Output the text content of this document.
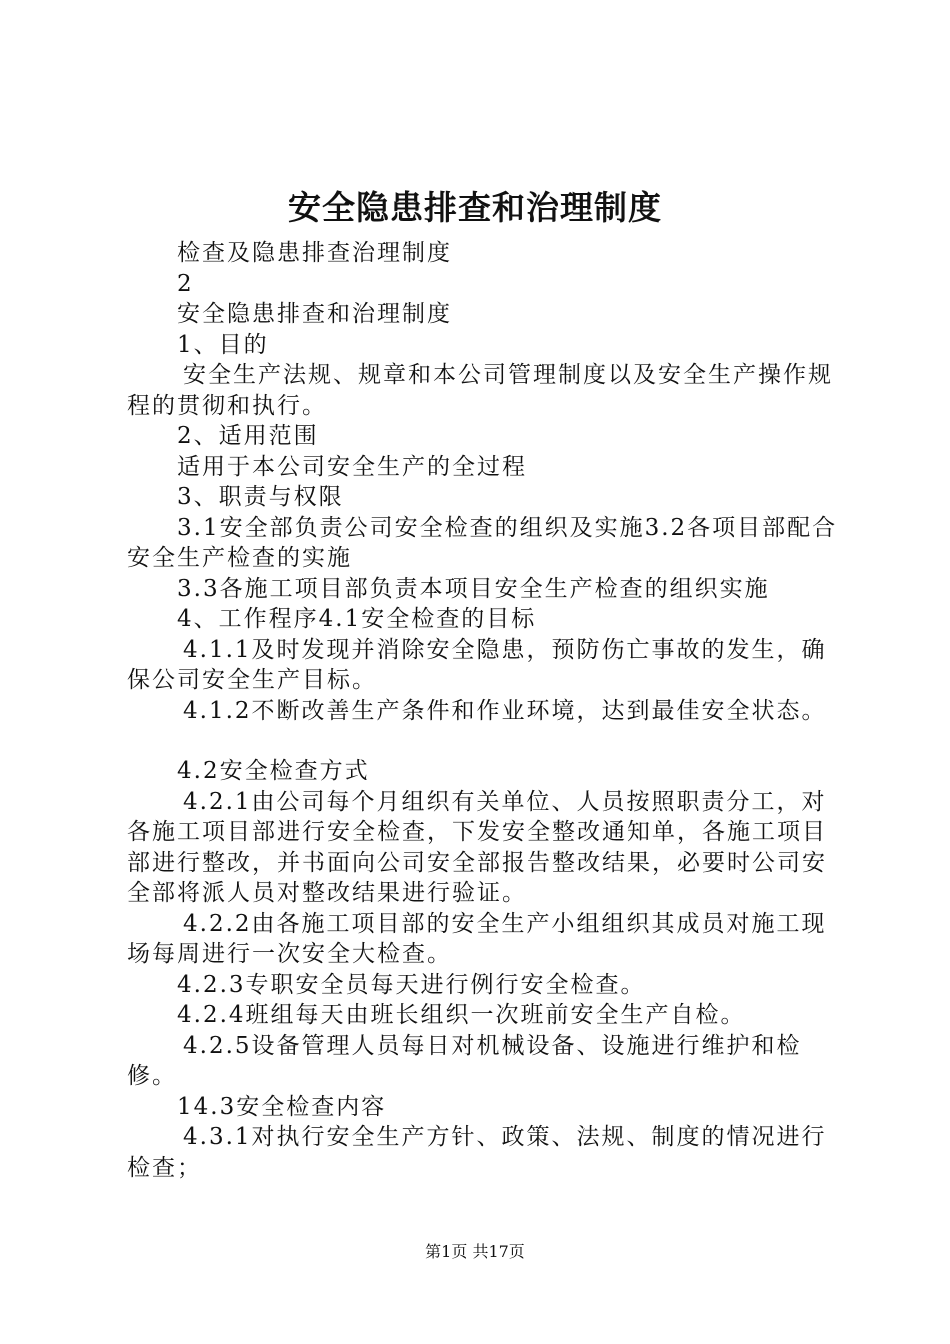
安全隐患排查和治理制度

检查及隐患排查治理制度

2

安全隐患排查和治理制度

1、目的

安全生产法规、规章和本公司管理制度以及安全生产操作规程的贯彻和执行。

2、适用范围

适用于本公司安全生产的全过程

3、职责与权限

3.1安全部负责公司安全检查的组织及实施3.2各项目部配合安全生产检查的实施

3.3各施工项目部负责本项目安全生产检查的组织实施

4、工作程序4.1安全检查的目标

4.1.1及时发现并消除安全隐患，预防伤亡事故的发生，确保公司安全生产目标。

4.1.2不断改善生产条件和作业环境，达到最佳安全状态。

4.2安全检查方式

4.2.1由公司每个月组织有关单位、人员按照职责分工，对各施工项目部进行安全检查，下发安全整改通知单，各施工项目部进行整改，并书面向公司安全部报告整改结果，必要时公司安全部将派人员对整改结果进行验证。

4.2.2由各施工项目部的安全生产小组组织其成员对施工现场每周进行一次安全大检查。

4.2.3专职安全员每天进行例行安全检查。

4.2.4班组每天由班长组织一次班前安全生产自检。

4.2.5设备管理人员每日对机械设备、设施进行维护和检修。

14.3安全检查内容

4.3.1对执行安全生产方针、政策、法规、制度的情况进行检查；

第1页 共17页
